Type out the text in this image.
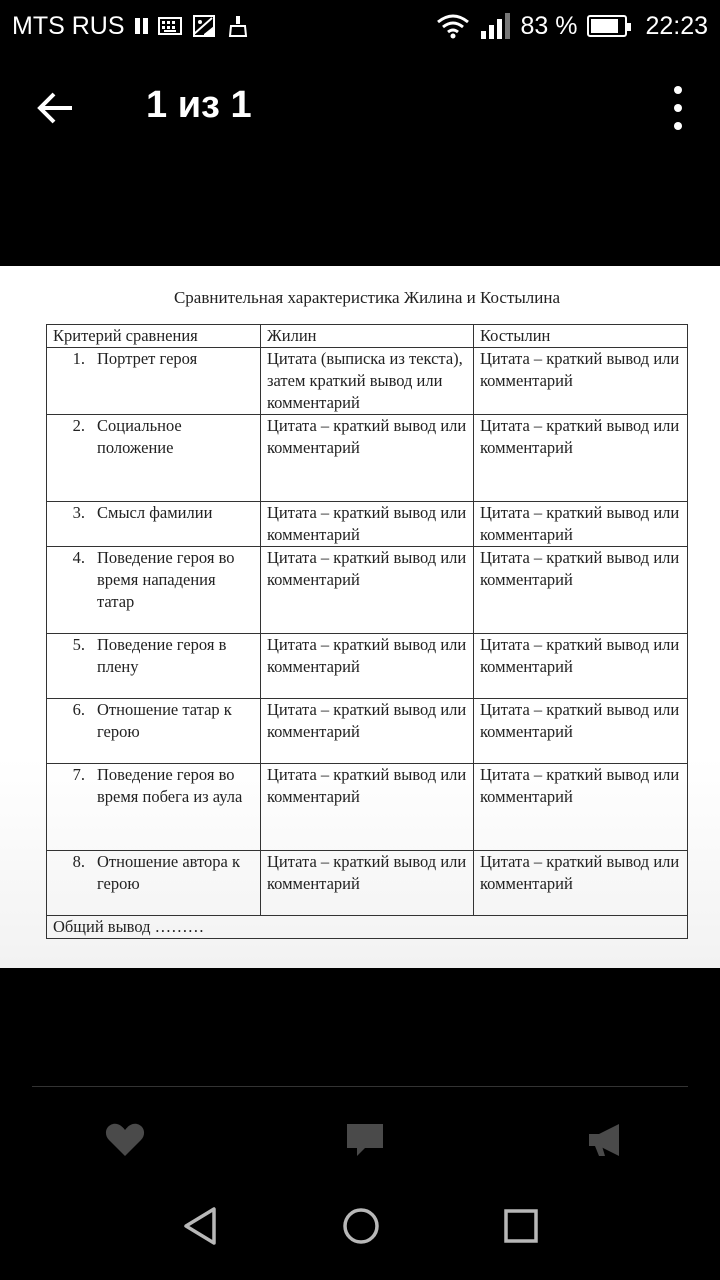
MTS RUS	83 %	22:23
1 из 1
Сравнительная характеристика Жилина и Костылина
Критерий сравнения	Жилин	Костылин

1. Портрет героя	Цитата (выписка из текста), затем краткий вывод или комментарий	Цитата – краткий вывод или комментарий

2. Социальное положение	Цитата – краткий вывод или комментарий	Цитата – краткий вывод или комментарий

3. Смысл фамилии	Цитата – краткий вывод или комментарий	Цитата – краткий вывод или комментарий

4. Поведение героя во время нападения татар	Цитата – краткий вывод или комментарий	Цитата – краткий вывод или комментарий

5. Поведение героя в плену	Цитата – краткий вывод или комментарий	Цитата – краткий вывод или комментарий

6. Отношение татар к герою	Цитата – краткий вывод или комментарий	Цитата – краткий вывод или комментарий

7. Поведение героя во время побега из аула	Цитата – краткий вывод или комментарий	Цитата – краткий вывод или комментарий

8. Отношение автора к герою	Цитата – краткий вывод или комментарий	Цитата – краткий вывод или комментарий
Общий вывод ………		
